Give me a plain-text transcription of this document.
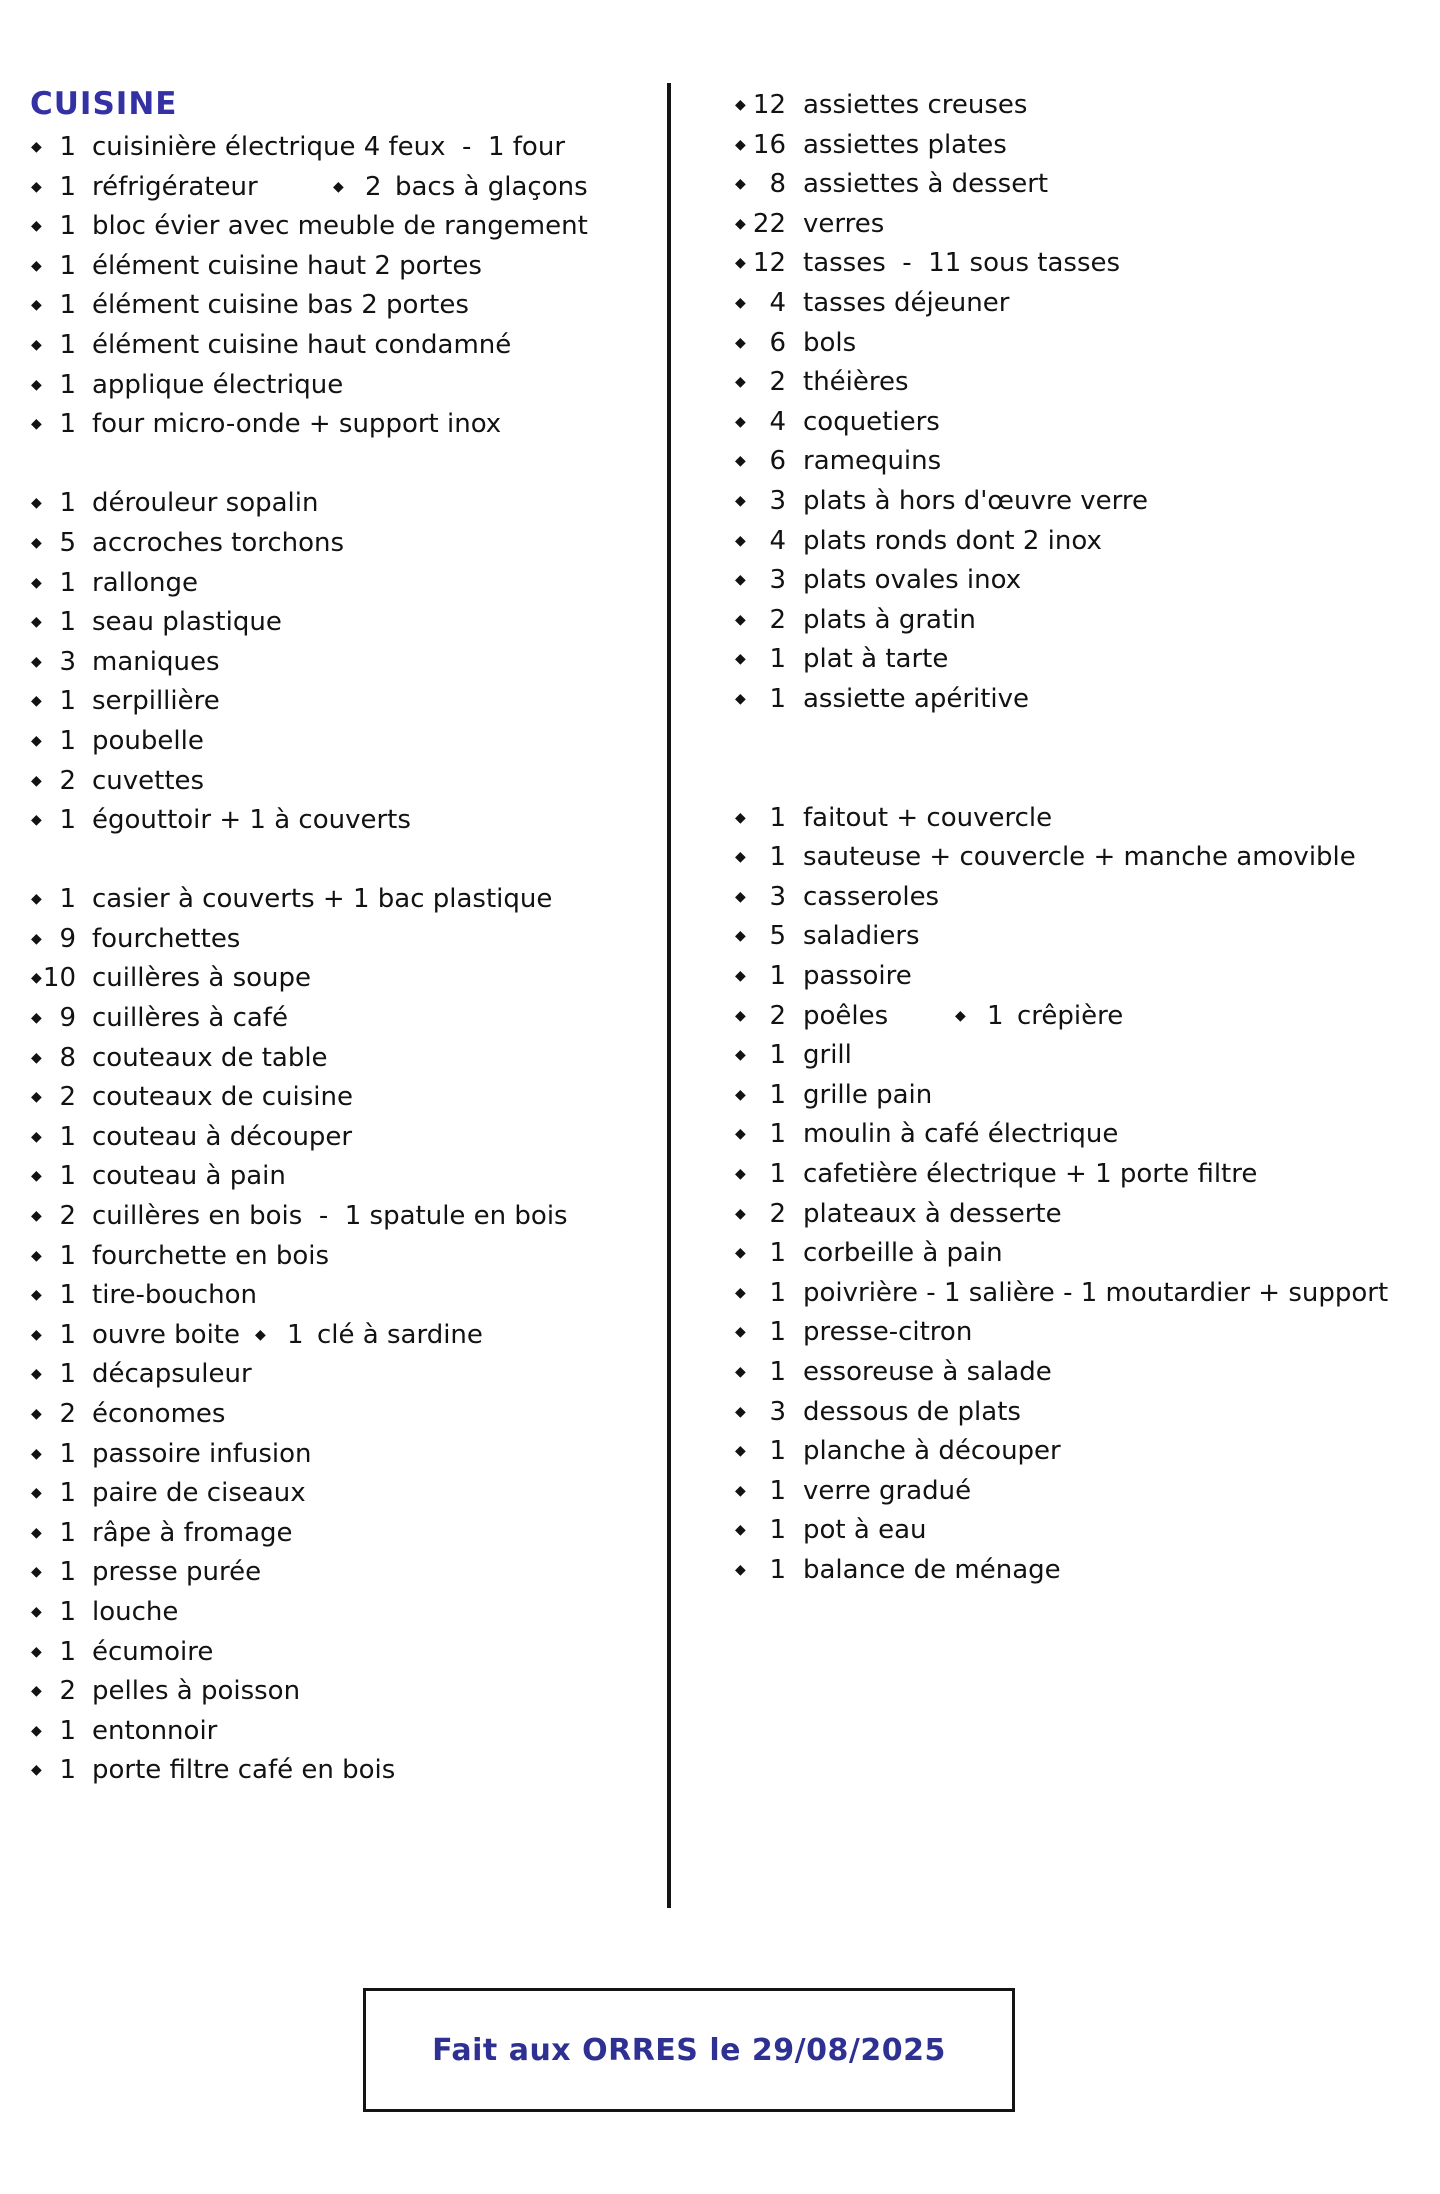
CUISINE
◆ 1 cuisinière électrique 4 feux  -  1 four
◆ 1 réfrigérateur	◆ 2 bacs à glaçons
◆ 1 bloc évier avec meuble de rangement
◆ 1 élément cuisine haut 2 portes
◆ 1 élément cuisine bas 2 portes
◆ 1 élément cuisine haut condamné
◆ 1 applique électrique
◆ 1 four micro-onde + support inox
◆ 1 dérouleur sopalin
◆ 5 accroches torchons
◆ 1 rallonge
◆ 1 seau plastique
◆ 3 maniques
◆ 1 serpillière
◆ 1 poubelle
◆ 2 cuvettes
◆ 1 égouttoir + 1 à couverts
◆ 1 casier à couverts + 1 bac plastique
◆ 9 fourchettes
◆ 10 cuillères à soupe
◆ 9 cuillères à café
◆ 8 couteaux de table
◆ 2 couteaux de cuisine
◆ 1 couteau à découper
◆ 1 couteau à pain
◆ 2 cuillères en bois  -  1 spatule en bois
◆ 1 fourchette en bois
◆ 1 tire-bouchon
◆ 1 ouvre boite ◆ 1 clé à sardine
◆ 1 décapsuleur
◆ 2 économes
◆ 1 passoire infusion
◆ 1 paire de ciseaux
◆ 1 râpe à fromage
◆ 1 presse purée
◆ 1 louche
◆ 1 écumoire
◆ 2 pelles à poisson
◆ 1 entonnoir
◆ 1 porte filtre café en bois
◆ 12 assiettes creuses
◆ 16 assiettes plates
◆ 8 assiettes à dessert
◆ 22 verres
◆ 12 tasses  -  11 sous tasses
◆ 4 tasses déjeuner
◆ 6 bols
◆ 2 théières
◆ 4 coquetiers
◆ 6 ramequins
◆ 3 plats à hors d'œuvre verre
◆ 4 plats ronds dont 2 inox
◆ 3 plats ovales inox
◆ 2 plats à gratin
◆ 1 plat à tarte
◆ 1 assiette apéritive
◆ 1 faitout + couvercle
◆ 1 sauteuse + couvercle + manche amovible
◆ 3 casseroles
◆ 5 saladiers
◆ 1 passoire
◆ 2 poêles	◆ 1 crêpière
◆ 1 grill
◆ 1 grille pain
◆ 1 moulin à café électrique
◆ 1 cafetière électrique + 1 porte filtre
◆ 2 plateaux à desserte
◆ 1 corbeille à pain
◆ 1 poivrière - 1 salière - 1 moutardier + support
◆ 1 presse-citron
◆ 1 essoreuse à salade
◆ 3 dessous de plats
◆ 1 planche à découper
◆ 1 verre gradué
◆ 1 pot à eau
◆ 1 balance de ménage
Fait aux ORRES le 29/08/2025
